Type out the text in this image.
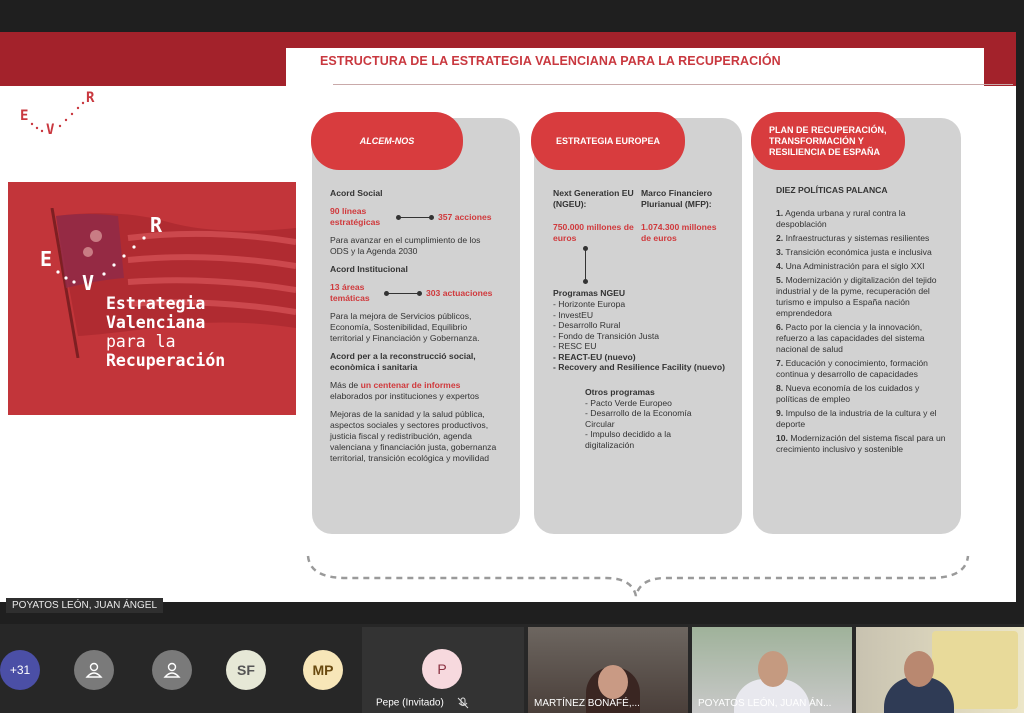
ESTRUCTURA DE LA ESTRATEGIA VALENCIANA PARA LA RECUPERACIÓN
E
V
R
E
V
R
Estrategia
Valenciana
para la
Recuperación
ALCEM-NOS
Acord Social
90 líneas estratégicas
357 acciones
Para avanzar en el cumplimiento de los ODS y la Agenda 2030
Acord Institucional
13 áreas temáticas
303 actuaciones
Para la mejora de Servicios públicos, Economía, Sostenibilidad, Equilibrio territorial y Financiación y Gobernanza.
Acord per a la reconstrucció social, econòmica i sanitaria
Más de un centenar de informes elaborados por instituciones y expertos
Mejoras de la sanidad y la salud pública, aspectos sociales y sectores productivos, justicia fiscal y redistribución, agenda valenciana y financiación justa, gobernanza territorial, transición ecológica y movilidad
ESTRATEGIA EUROPEA
Next Generation EU (NGEU):
Marco Financiero Plurianual (MFP):
750.000 millones de euros
1.074.300 millones de euros
Programas NGEU
- Horizonte Europa
- InvestEU
- Desarrollo Rural
- Fondo de Transición Justa
- RESC EU
- REACT-EU (nuevo)
- Recovery and Resilience Facility (nuevo)
Otros programas
- Pacto Verde Europeo
- Desarrollo de la Economía Circular
- Impulso decidido a la digitalización
PLAN DE RECUPERACIÓN, TRANSFORMACIÓN Y RESILIENCIA DE ESPAÑA
DIEZ POLÍTICAS PALANCA
1. Agenda urbana y rural contra la despoblación
2. Infraestructuras y sistemas resilientes
3. Transición económica justa e inclusiva
4. Una Administración para el siglo XXI
5. Modernización y digitalización del tejido industrial y de la pyme, recuperación del turismo e impulso a España nación emprendedora
6. Pacto por la ciencia y la innovación, refuerzo a las capacidades del sistema nacional de salud
7. Educación y conocimiento, formación continua y desarrollo de capacidades
8. Nueva economía de los cuidados y políticas de empleo
9. Impulso de la industria de la cultura y el deporte
10. Modernización del sistema fiscal para un crecimiento inclusivo y sostenible
POYATOS LEÓN, JUAN ÁNGEL
+31	SF	MP	P
Pepe (Invitado)	MARTÍNEZ BONAFÉ,...	POYATOS LEÓN, JUAN ÁN...
